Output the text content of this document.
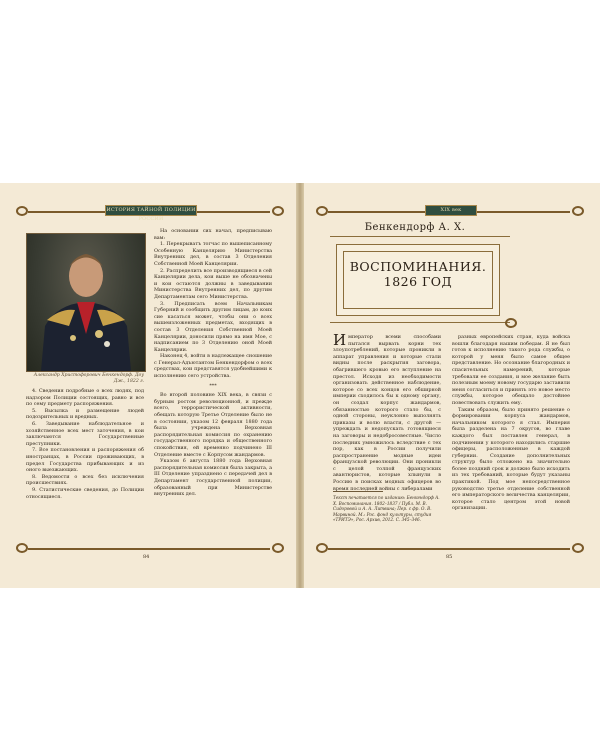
ИСТОРИЯ ТАЙНОЙ ПОЛИЦИИ РОССИИ
Александр Христофорович Бенкендорф. Доу Дж., 1822 г.

4. Сведения подробные о всех людях, под надзором Полиции состоящих, равно и все по сему предмету распоряжения.

5. Высылка и размещение людей подозрительных и вредных.

6. Заведывание наблюдательное и хозяйственное всех мест заточения, в кои заключаются Государственные преступники.

7. Все постановления и распоряжения об иностранцах, в России проживающих, в предел Государства прибывающих и из оного выезжающих.

8. Ведомости о всех без исключения происшествиях.

9. Статистические сведения, до Полиции относящиеся.

На основании сих начал, предписываю вам:

1. Перекрыватъ тогчас по вышеписанному Особенную Канцелярию Министерства Внутренних дел, в состав 3 Отделения Собственной Моей Канцелярии.

2. Распределить все производящиеся в сей Канцелярии дела, кои выше не обозначены и кои остаются должны в заведывании Министерства Внутренних дел, по другим Департаментам сего Министерства.

3. Предписать всем Начальникам Губерний и сообщить другим лицам, до коих сие касаться может, чтобы они о всех вышеизложенных предметах, входящих в состав 3 Отделения Собственной Моей Канцелярии, доносили прямо на имя Мое, с надписанием по 3 Отделению оной Моей Канцелярии.

Наконец 4, войти в надлежащее сношение с Генерал-Адъютантом Бенкендорфом о всех средствах, кои представятся удобнейшими к исполнению сего устройства.

***

Во второй половине XIX века, в связи с бурным ростом революционной, и прежде всего, террористической активности, обещать которую Третье Отделение было не в состоянии, указом 12 февраля 1880 года была учреждена Верховная распорядительная комиссия по охранению государственного порядка и общественного спокойствия, ей временно подчинено III Отделение вместе с Корпусом жандармов.

Указом 6 августа 1880 года Верховная распорядительная комиссия была закрыта, а III Отделение упразднено с передачей дел в Департамент государственной полиции, образованный при Министерстве внутренних дел.

84
XIX век
Бенкендорф А. Х.
ВОСПОМИНАНИЯ.
1826 ГОД
Император всеми способами пытался вырвать корни тех злоупотреблений, которые проникли в аппарат управления и которые стали видны после раскрытия заговора, обагрившего кровью его вступление на престол. Исходя из необходимости организовать действенное наблюдение, которое со всех концов его обширной империи сходилось бы к одному органу, он создал корпус жандармов, обязанностью которого стало бы, с одной стороны, неуклонно выполнять приказы и волю власти, с другой — упреждать и недопускать готовящиеся на заговоры и недобросовестные. Число последних умножилось вследствие с тех пор, как в России получили распространение модные идеи французской революции. Они проникли с целой толпой французских авантюристов, которые хлынули в Россию в поисках модных офицеров во время последней войны с либералами
Текст печатается по изданию: Бенкендорф А. Х. Воспоминания. 1802–1837 / Публ. М. В. Сидоровой и А. А. Литвина; Пер. с фр. О. В. Марвиной. М.: Рос. фонд культуры, студия «ТРИТЭ», Рос. Архив, 2012. С. 345–346.

разных европейских стран, куда войска вошли благодаря нашим победам. Я не был готов к исполнению такого рода службы, о которой у меня было самое общее представление. Но осознание благородных и спасительных намерений, которые требовали ее создания, и мое желание быть полезным моему новому государю заставили меня согласиться и принять это новое место службы, которое обещало достойнее повествовать служить ему.

Таким образом, было принято решение о формировании корпуса жандармов, начальником которого я стал. Империя была разделена на 7 округов, во главе каждого был поставлен генерал, в подчинении у которого находились старшие офицеры, расположенные в каждой губернии. Создание дополнительных структур было отложено на значительно более поздний срок и должно было исходить из тех требований, которые будут указаны практикой. Под мое непосредственное руководство третье отделение собственной его императорского величества канцелярии, которое стало центром этой новой организации.

85
